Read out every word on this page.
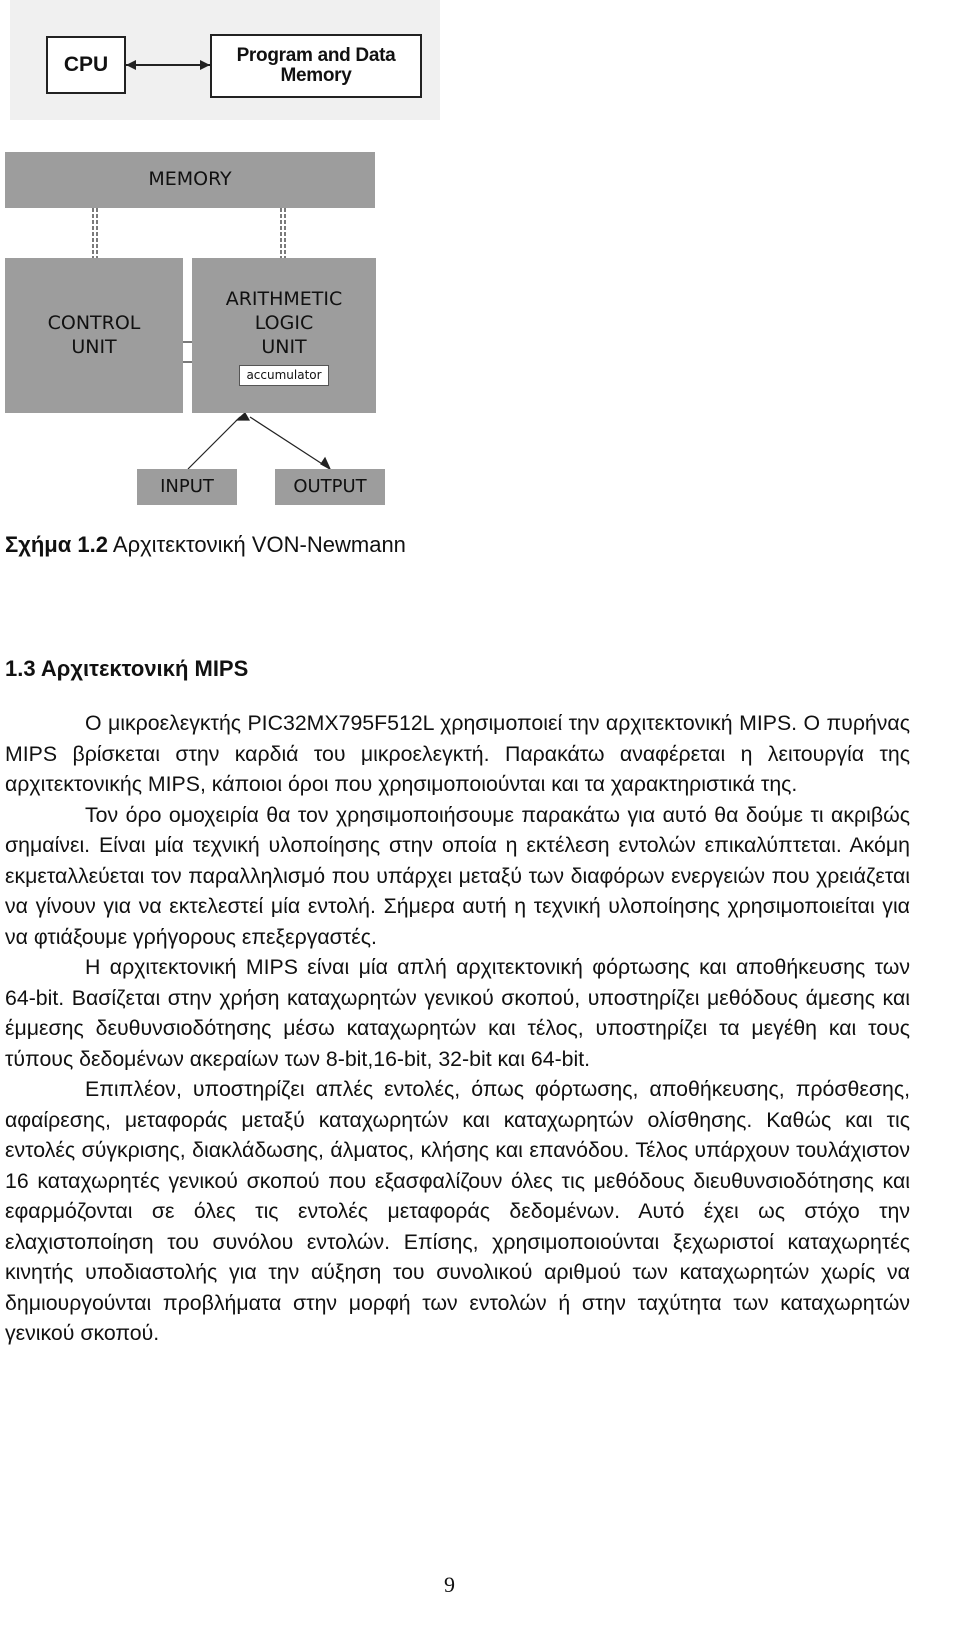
CPU	Program and Data
Memory
MEMORY
CONTROL
UNIT
ARITHMETIC
LOGIC
UNIT
accumulator
INPUT	OUTPUT
Σχήμα 1.2 Αρχιτεκτονική VON-Newmann
1.3 Αρχιτεκτονική MIPS

Ο μικροελεγκτής PIC32MX795F512L χρησιμοποιεί την αρχιτεκτονική MIPS. Ο πυρήνας MIPS βρίσκεται στην καρδιά του μικροελεγκτή. Παρακάτω αναφέρεται η λειτουργία της αρχιτεκτονικής MIPS, κάποιοι όροι που χρησιμοποιούνται και τα χαρακτηριστικά της.

Τον όρο ομοχειρία θα τον χρησιμοποιήσουμε παρακάτω για αυτό θα δούμε τι ακριβώς σημαίνει. Είναι μία τεχνική υλοποίησης στην οποία η εκτέλεση εντολών επικαλύπτεται. Ακόμη εκμεταλλεύεται τον παραλληλισμό που υπάρχει μεταξύ των διαφόρων ενεργειών που χρειάζεται να γίνουν για να εκτελεστεί μία εντολή. Σήμερα αυτή η τεχνική υλοποίησης χρησιμοποιείται για να φτιάξουμε γρήγορους επεξεργαστές.

Η αρχιτεκτονική MIPS είναι μία απλή αρχιτεκτονική φόρτωσης και αποθήκευσης των 64-bit. Βασίζεται στην χρήση καταχωρητών γενικού σκοπού, υποστηρίζει μεθόδους άμεσης και έμμεσης δευθυνσιοδότησης μέσω καταχωρητών και τέλος, υποστηρίζει τα μεγέθη και τους τύπους δεδομένων ακεραίων των 8-bit,16-bit, 32-bit και 64-bit.

Επιπλέον, υποστηρίζει απλές εντολές, όπως φόρτωσης, αποθήκευσης, πρόσθεσης, αφαίρεσης, μεταφοράς μεταξύ καταχωρητών και καταχωρητών ολίσθησης. Καθώς και τις εντολές σύγκρισης, διακλάδωσης, άλματος, κλήσης και επανόδου. Τέλος υπάρχουν τουλάχιστον 16 καταχωρητές γενικού σκοπού που εξασφαλίζουν όλες τις μεθόδους διευθυνσιοδότησης και εφαρμόζονται σε όλες τις εντολές μεταφοράς δεδομένων. Αυτό έχει ως στόχο την ελαχιστοποίηση του συνόλου εντολών. Επίσης, χρησιμοποιούνται ξεχωριστοί καταχωρητές κινητής υποδιαστολής για την αύξηση του συνολικού αριθμού των καταχωρητών χωρίς να δημιουργούνται προβλήματα στην μορφή των εντολών ή στην ταχύτητα των καταχωρητών γενικού σκοπού.

9
